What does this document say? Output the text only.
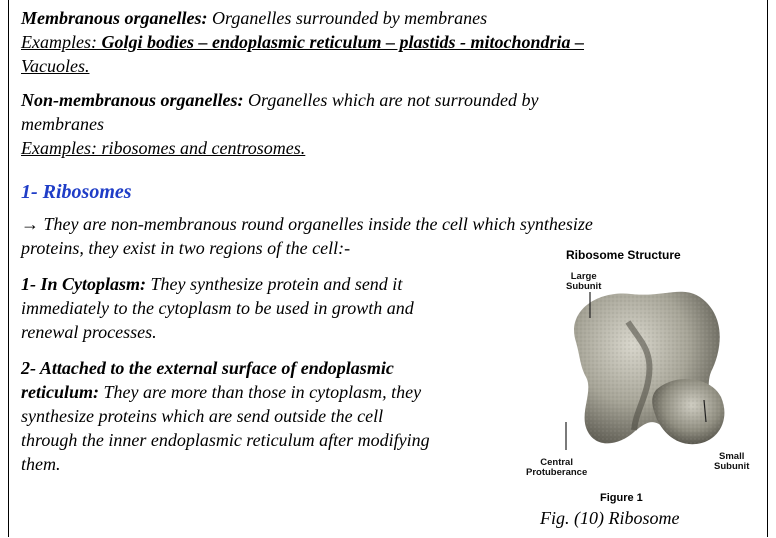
Membranous organelles: Organelles surrounded by membranes
Examples: Golgi bodies – endoplasmic reticulum – plastids - mitochondria –
Vacuoles.
Non-membranous organelles: Organelles which are not surrounded by
membranes
Examples: ribosomes and centrosomes.
1- Ribosomes
→ They are non-membranous round organelles inside the cell which synthesize
proteins, they exist in two regions of the cell:-
1- In Cytoplasm: They synthesize protein and send it
immediately to the cytoplasm to be used in growth and
renewal processes.
2- Attached to the external surface of endoplasmic
reticulum: They are more than those in cytoplasm, they
synthesize proteins which are send outside the cell
through the inner endoplasmic reticulum after modifying
them.
Ribosome Structure
Large
Subunit
Central
Protuberance
Small
Subunit
Figure 1
Fig. (10) Ribosome
